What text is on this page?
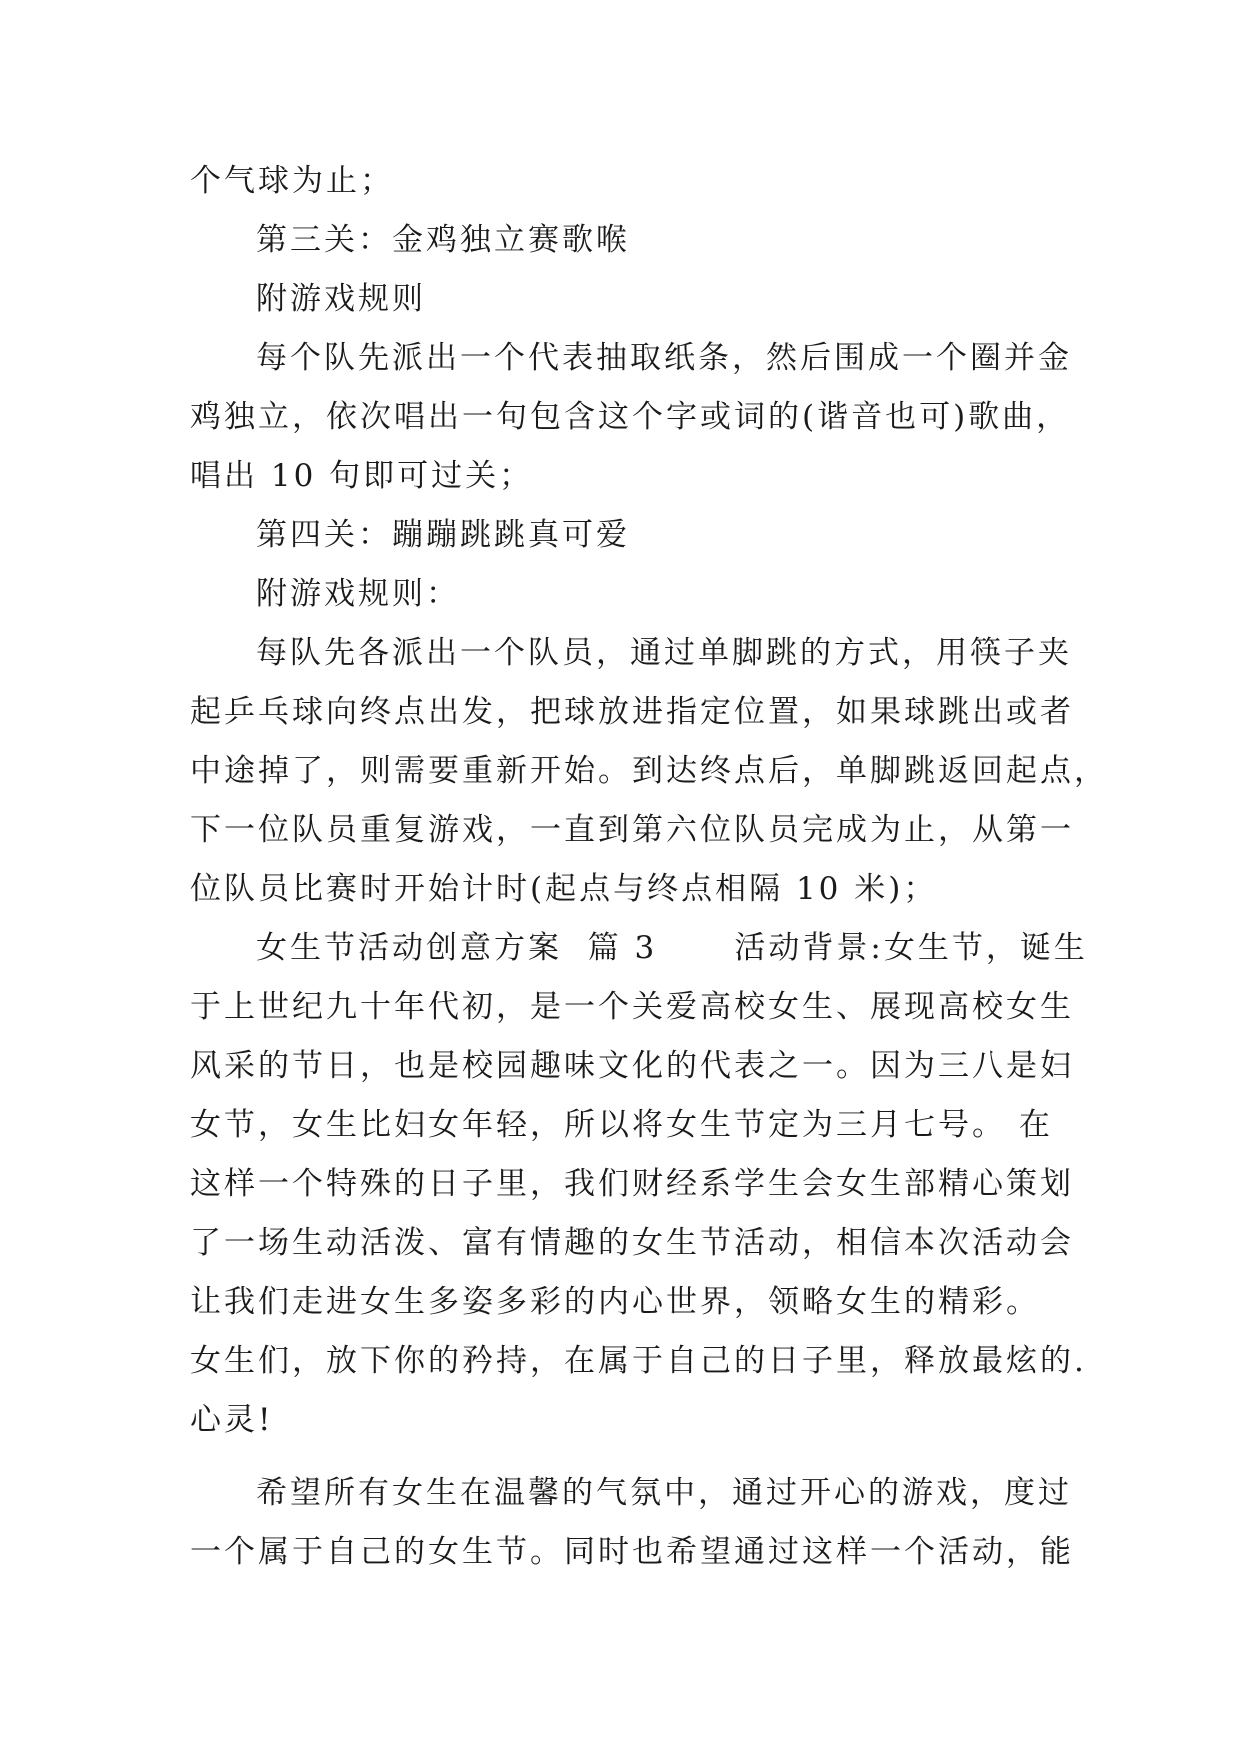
个气球为止；
第三关：金鸡独立赛歌喉
附游戏规则
每个队先派出一个代表抽取纸条，然后围成一个圈并金
鸡独立，依次唱出一句包含这个字或词的(谐音也可)歌曲，
唱出 10 句即可过关；
第四关：蹦蹦跳跳真可爱
附游戏规则：
每队先各派出一个队员，通过单脚跳的方式，用筷子夹
起乒乓球向终点出发，把球放进指定位置，如果球跳出或者
中途掉了，则需要重新开始。到达终点后，单脚跳返回起点，
下一位队员重复游戏，一直到第六位队员完成为止，从第一
位队员比赛时开始计时(起点与终点相隔 10 米)；
女生节活动创意方案  篇 3      活动背景:女生节，诞生
于上世纪九十年代初，是一个关爱高校女生、展现高校女生
风采的节日，也是校园趣味文化的代表之一。因为三八是妇
女节，女生比妇女年轻，所以将女生节定为三月七号。 在
这样一个特殊的日子里，我们财经系学生会女生部精心策划
了一场生动活泼、富有情趣的女生节活动，相信本次活动会
让我们走进女生多姿多彩的内心世界，领略女生的精彩。
女生们，放下你的矜持，在属于自己的日子里，释放最炫的.
心灵!
希望所有女生在温馨的气氛中，通过开心的游戏，度过
一个属于自己的女生节。同时也希望通过这样一个活动，能
